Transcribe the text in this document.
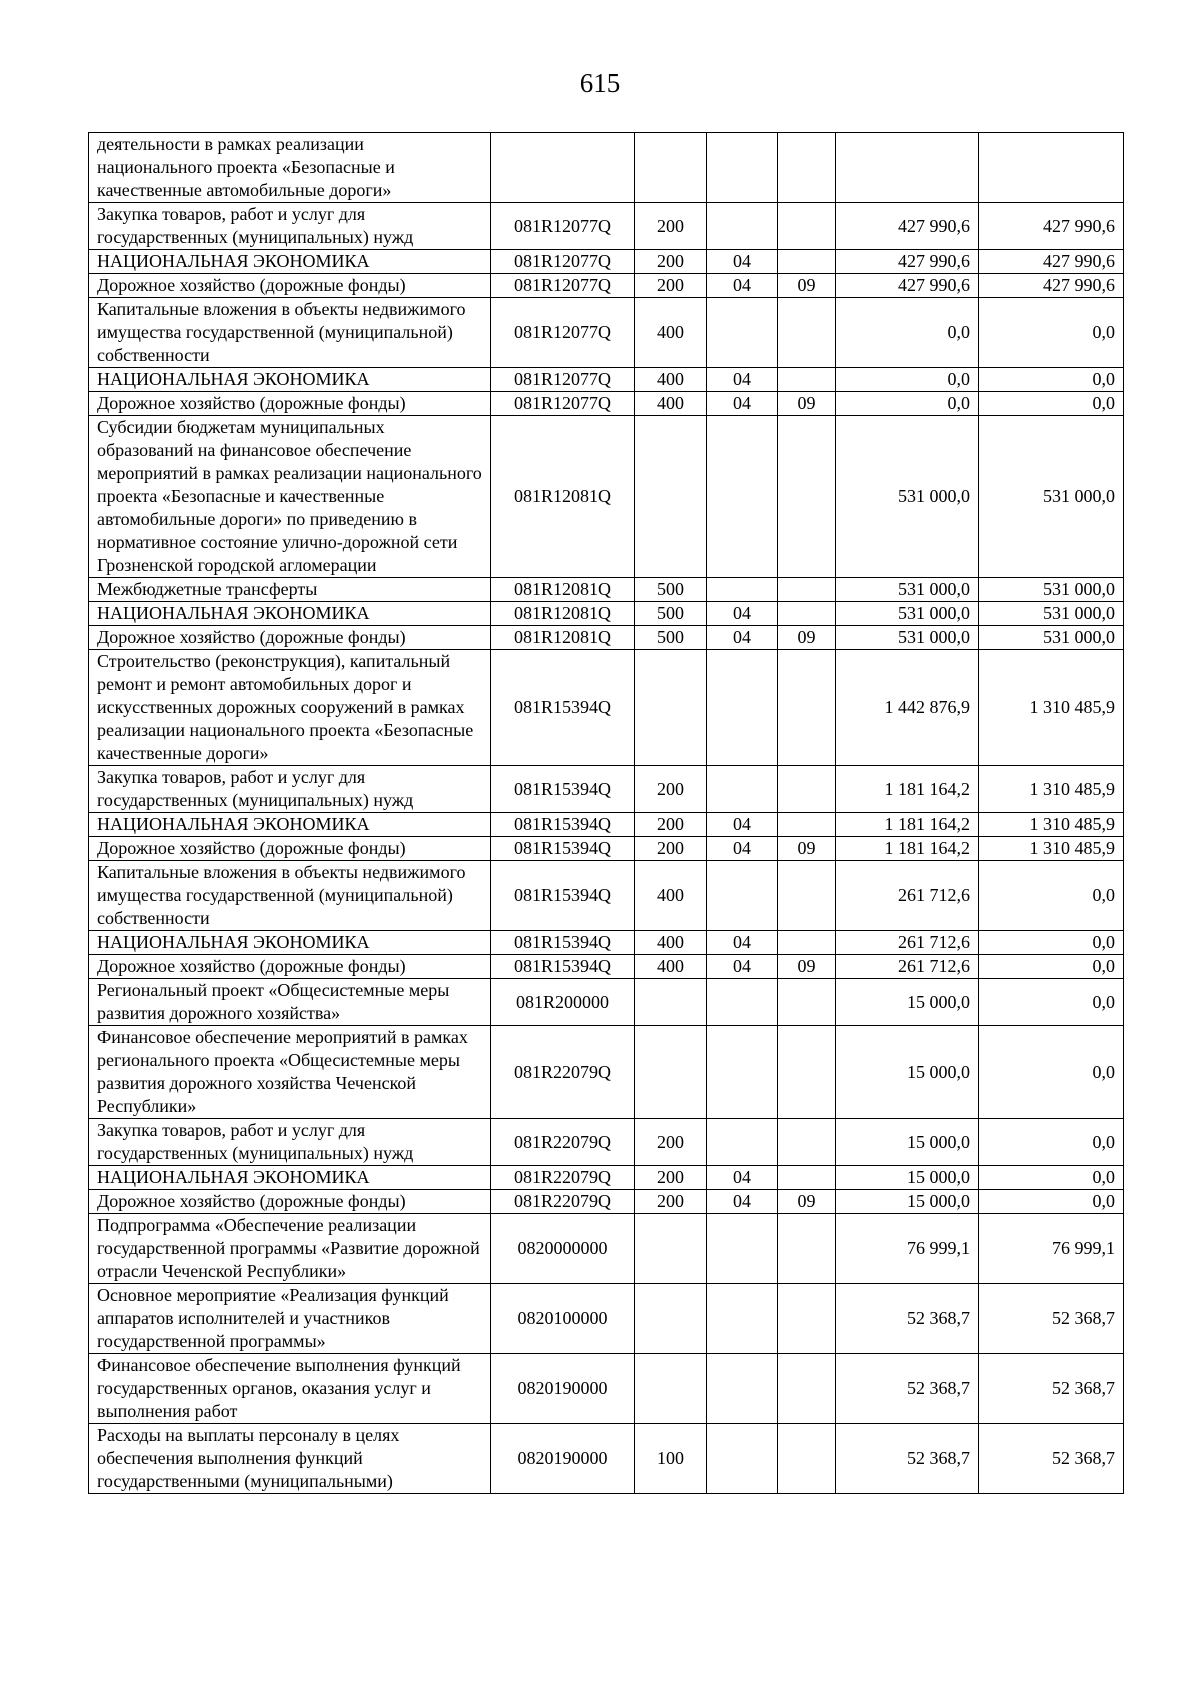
615
деятельности в рамках реализации национального проекта «Безопасные и качественные автомобильные дороги»						
Закупка товаров, работ и услуг для государственных (муниципальных) нужд	081R12077Q	200			427 990,6	427 990,6
НАЦИОНАЛЬНАЯ ЭКОНОМИКА	081R12077Q	200	04		427 990,6	427 990,6
Дорожное хозяйство (дорожные фонды)	081R12077Q	200	04	09	427 990,6	427 990,6
Капитальные вложения в объекты недвижимого имущества государственной (муниципальной) собственности	081R12077Q	400			0,0	0,0
НАЦИОНАЛЬНАЯ ЭКОНОМИКА	081R12077Q	400	04		0,0	0,0
Дорожное хозяйство (дорожные фонды)	081R12077Q	400	04	09	0,0	0,0
Субсидии бюджетам муниципальных образований на финансовое обеспечение мероприятий в рамках реализации национального проекта «Безопасные и качественные автомобильные дороги» по приведению в нормативное состояние улично-дорожной сети Грозненской городской агломерации	081R12081Q				531 000,0	531 000,0
Межбюджетные трансферты	081R12081Q	500			531 000,0	531 000,0
НАЦИОНАЛЬНАЯ ЭКОНОМИКА	081R12081Q	500	04		531 000,0	531 000,0
Дорожное хозяйство (дорожные фонды)	081R12081Q	500	04	09	531 000,0	531 000,0
Строительство (реконструкция), капитальный ремонт и ремонт автомобильных дорог и искусственных дорожных сооружений в рамках реализации национального проекта «Безопасные качественные дороги»	081R15394Q				1 442 876,9	1 310 485,9
Закупка товаров, работ и услуг для государственных (муниципальных) нужд	081R15394Q	200			1 181 164,2	1 310 485,9
НАЦИОНАЛЬНАЯ ЭКОНОМИКА	081R15394Q	200	04		1 181 164,2	1 310 485,9
Дорожное хозяйство (дорожные фонды)	081R15394Q	200	04	09	1 181 164,2	1 310 485,9
Капитальные вложения в объекты недвижимого имущества государственной (муниципальной) собственности	081R15394Q	400			261 712,6	0,0
НАЦИОНАЛЬНАЯ ЭКОНОМИКА	081R15394Q	400	04		261 712,6	0,0
Дорожное хозяйство (дорожные фонды)	081R15394Q	400	04	09	261 712,6	0,0
Региональный проект «Общесистемные меры развития дорожного хозяйства»	081R200000				15 000,0	0,0
Финансовое обеспечение мероприятий в рамках регионального проекта «Общесистемные меры развития дорожного хозяйства Чеченской Республики»	081R22079Q				15 000,0	0,0
Закупка товаров, работ и услуг для государственных (муниципальных) нужд	081R22079Q	200			15 000,0	0,0
НАЦИОНАЛЬНАЯ ЭКОНОМИКА	081R22079Q	200	04		15 000,0	0,0
Дорожное хозяйство (дорожные фонды)	081R22079Q	200	04	09	15 000,0	0,0
Подпрограмма «Обеспечение реализации государственной программы «Развитие дорожной отрасли Чеченской Республики»	0820000000				76 999,1	76 999,1
Основное мероприятие «Реализация функций аппаратов исполнителей и участников государственной программы»	0820100000				52 368,7	52 368,7
Финансовое обеспечение выполнения функций государственных органов, оказания услуг и выполнения работ	0820190000				52 368,7	52 368,7
Расходы на выплаты персоналу в целях обеспечения выполнения функций государственными (муниципальными)	0820190000	100			52 368,7	52 368,7
